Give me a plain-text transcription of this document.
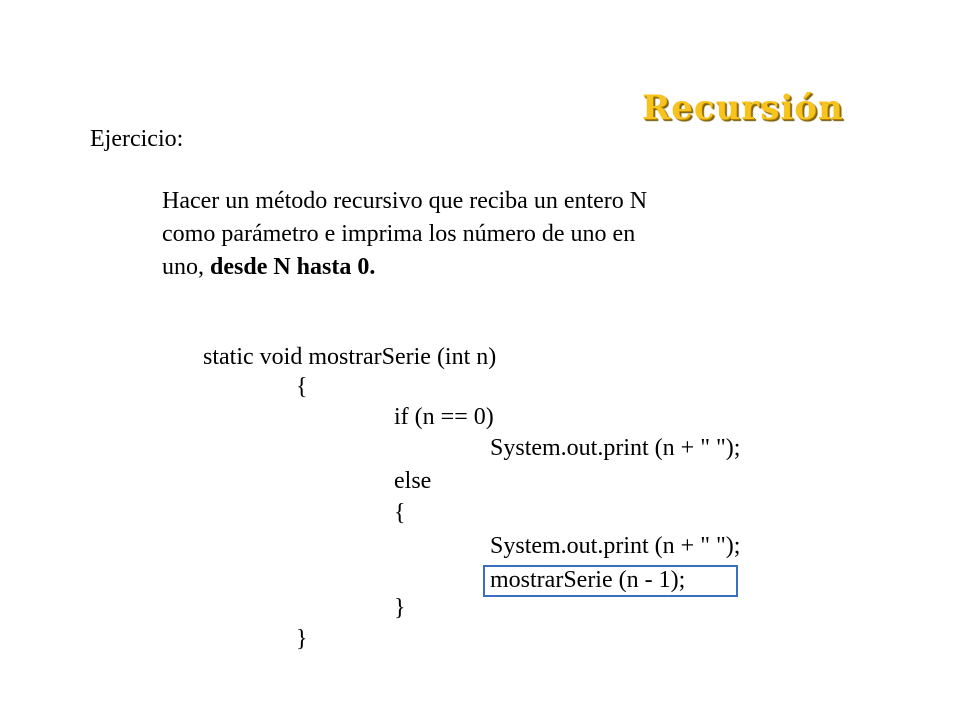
Recursión
Ejercicio:
Hacer un método recursivo que reciba un entero N
como parámetro e imprima los número de uno en
uno, desde N hasta 0.
static void mostrarSerie (int n)
{
if (n == 0)
System.out.print (n + " ");
else
{
System.out.print (n + " ");
mostrarSerie (n - 1);
}
}
